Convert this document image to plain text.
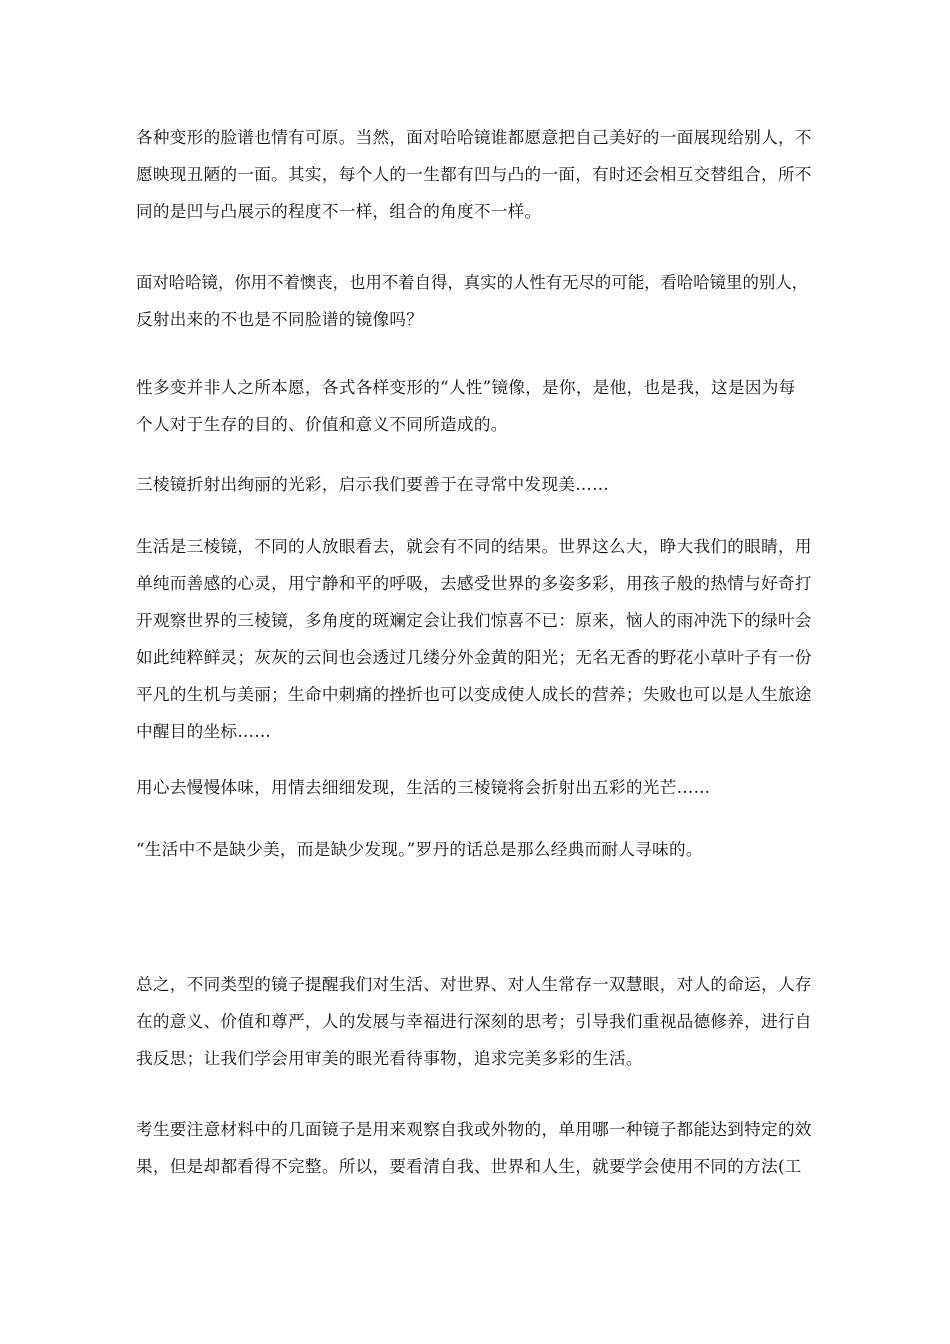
各种变形的脸谱也情有可原。当然，面对哈哈镜谁都愿意把自己美好的一面展现给别人，不
愿映现丑陋的一面。其实，每个人的一生都有凹与凸的一面，有时还会相互交替组合，所不
同的是凹与凸展示的程度不一样，组合的角度不一样。

面对哈哈镜，你用不着懊丧，也用不着自得，真实的人性有无尽的可能，看哈哈镜里的别人，
反射出来的不也是不同脸谱的镜像吗？

性多变并非人之所本愿，各式各样变形的“人性”镜像，是你，是他，也是我，这是因为每
个人对于生存的目的、价值和意义不同所造成的。

三棱镜折射出绚丽的光彩，启示我们要善于在寻常中发现美……

生活是三棱镜，不同的人放眼看去，就会有不同的结果。世界这么大，睁大我们的眼睛，用
单纯而善感的心灵，用宁静和平的呼吸，去感受世界的多姿多彩，用孩子般的热情与好奇打
开观察世界的三棱镜，多角度的斑斓定会让我们惊喜不已：原来，恼人的雨冲洗下的绿叶会
如此纯粹鲜灵；灰灰的云间也会透过几缕分外金黄的阳光；无名无香的野花小草叶子有一份
平凡的生机与美丽；生命中刺痛的挫折也可以变成使人成长的营养；失败也可以是人生旅途
中醒目的坐标……

用心去慢慢体味，用情去细细发现，生活的三棱镜将会折射出五彩的光芒……

“生活中不是缺少美，而是缺少发现。”罗丹的话总是那么经典而耐人寻味的。

总之，不同类型的镜子提醒我们对生活、对世界、对人生常存一双慧眼，对人的命运，人存
在的意义、价值和尊严，人的发展与幸福进行深刻的思考；引导我们重视品德修养，进行自
我反思；让我们学会用审美的眼光看待事物，追求完美多彩的生活。

考生要注意材料中的几面镜子是用来观察自我或外物的，单用哪一种镜子都能达到特定的效
果，但是却都看得不完整。所以，要看清自我、世界和人生，就要学会使用不同的方法(工
